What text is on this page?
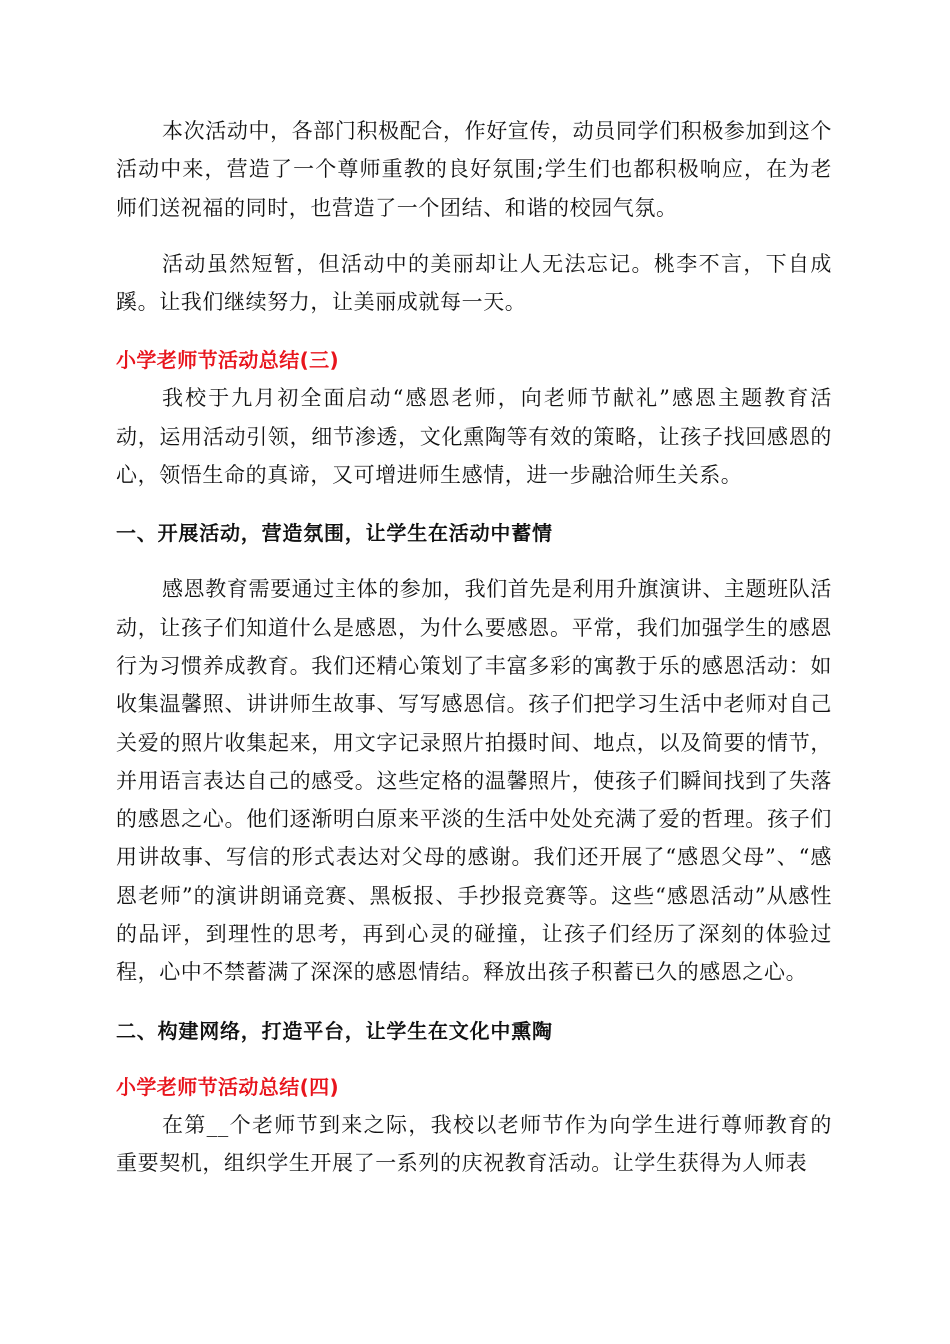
本次活动中，各部门积极配合，作好宣传，动员同学们积极参加到这个活动中来，营造了一个尊师重教的良好氛围;学生们也都积极响应，在为老师们送祝福的同时，也营造了一个团结、和谐的校园气氛。

活动虽然短暂，但活动中的美丽却让人无法忘记。桃李不言，下自成蹊。让我们继续努力，让美丽成就每一天。

小学老师节活动总结(三)

我校于九月初全面启动“感恩老师，向老师节献礼”感恩主题教育活动，运用活动引领，细节渗透，文化熏陶等有效的策略，让孩子找回感恩的心，领悟生命的真谛，又可增进师生感情，进一步融洽师生关系。

一、开展活动，营造氛围，让学生在活动中蓄情

感恩教育需要通过主体的参加，我们首先是利用升旗演讲、主题班队活动，让孩子们知道什么是感恩，为什么要感恩。平常，我们加强学生的感恩行为习惯养成教育。我们还精心策划了丰富多彩的寓教于乐的感恩活动：如收集温馨照、讲讲师生故事、写写感恩信。孩子们把学习生活中老师对自己关爱的照片收集起来，用文字记录照片拍摄时间、地点，以及简要的情节，并用语言表达自己的感受。这些定格的温馨照片，使孩子们瞬间找到了失落的感恩之心。他们逐渐明白原来平淡的生活中处处充满了爱的哲理。孩子们用讲故事、写信的形式表达对父母的感谢。我们还开展了“感恩父母”、“感恩老师”的演讲朗诵竞赛、黑板报、手抄报竞赛等。这些“感恩活动”从感性的品评，到理性的思考，再到心灵的碰撞，让孩子们经历了深刻的体验过程，心中不禁蓄满了深深的感恩情结。释放出孩子积蓄已久的感恩之心。

二、构建网络，打造平台，让学生在文化中熏陶
小学老师节活动总结(四)

在第__个老师节到来之际，我校以老师节作为向学生进行尊师教育的重要契机，组织学生开展了一系列的庆祝教育活动。让学生获得为人师表
